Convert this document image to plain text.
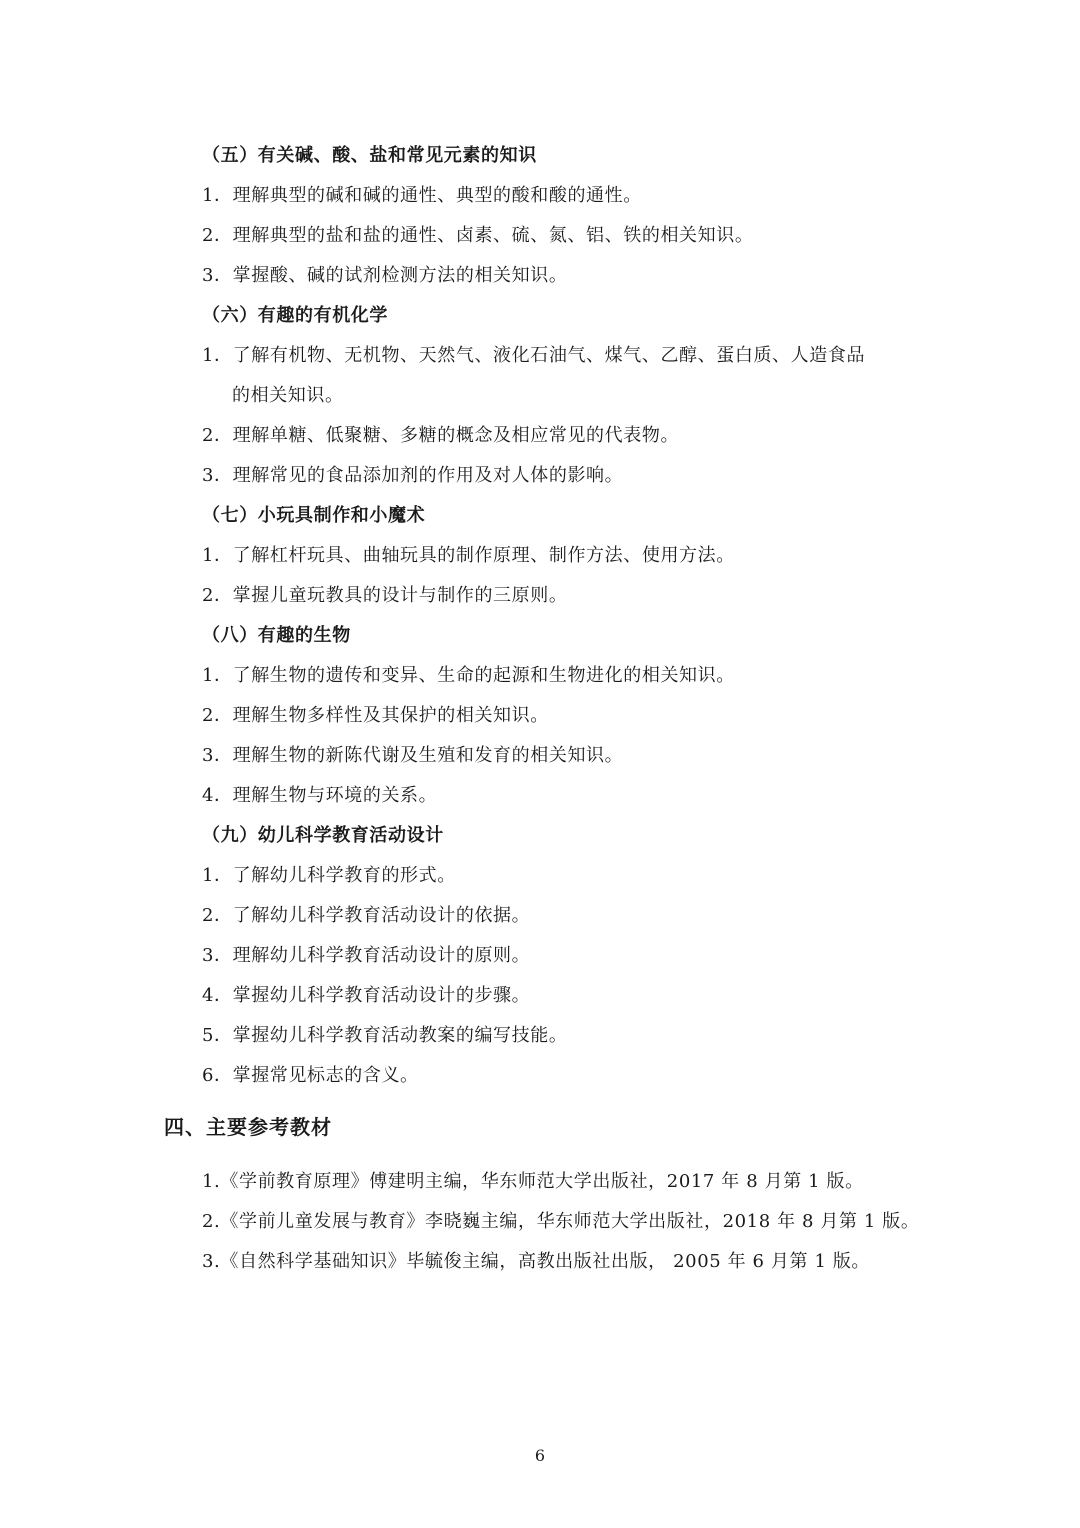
（五）有关碱、酸、盐和常见元素的知识
1．理解典型的碱和碱的通性、典型的酸和酸的通性。
2．理解典型的盐和盐的通性、卤素、硫、氮、铝、铁的相关知识。
3．掌握酸、碱的试剂检测方法的相关知识。
（六）有趣的有机化学
1．了解有机物、无机物、天然气、液化石油气、煤气、乙醇、蛋白质、人造食品
的相关知识。
2．理解单糖、低聚糖、多糖的概念及相应常见的代表物。
3．理解常见的食品添加剂的作用及对人体的影响。
（七）小玩具制作和小魔术
1．了解杠杆玩具、曲轴玩具的制作原理、制作方法、使用方法。
2．掌握儿童玩教具的设计与制作的三原则。
（八）有趣的生物
1．了解生物的遗传和变异、生命的起源和生物进化的相关知识。
2．理解生物多样性及其保护的相关知识。
3．理解生物的新陈代谢及生殖和发育的相关知识。
4．理解生物与环境的关系。
（九）幼儿科学教育活动设计
1．了解幼儿科学教育的形式。
2．了解幼儿科学教育活动设计的依据。
3．理解幼儿科学教育活动设计的原则。
4．掌握幼儿科学教育活动设计的步骤。
5．掌握幼儿科学教育活动教案的编写技能。
6．掌握常见标志的含义。
四、主要参考教材
1.《学前教育原理》傅建明主编，华东师范大学出版社，2017 年 8 月第 1 版。
2.《学前儿童发展与教育》李晓巍主编，华东师范大学出版社，2018 年 8 月第 1 版。
3.《自然科学基础知识》毕毓俊主编，高教出版社出版， 2005 年 6 月第 1 版。
6
